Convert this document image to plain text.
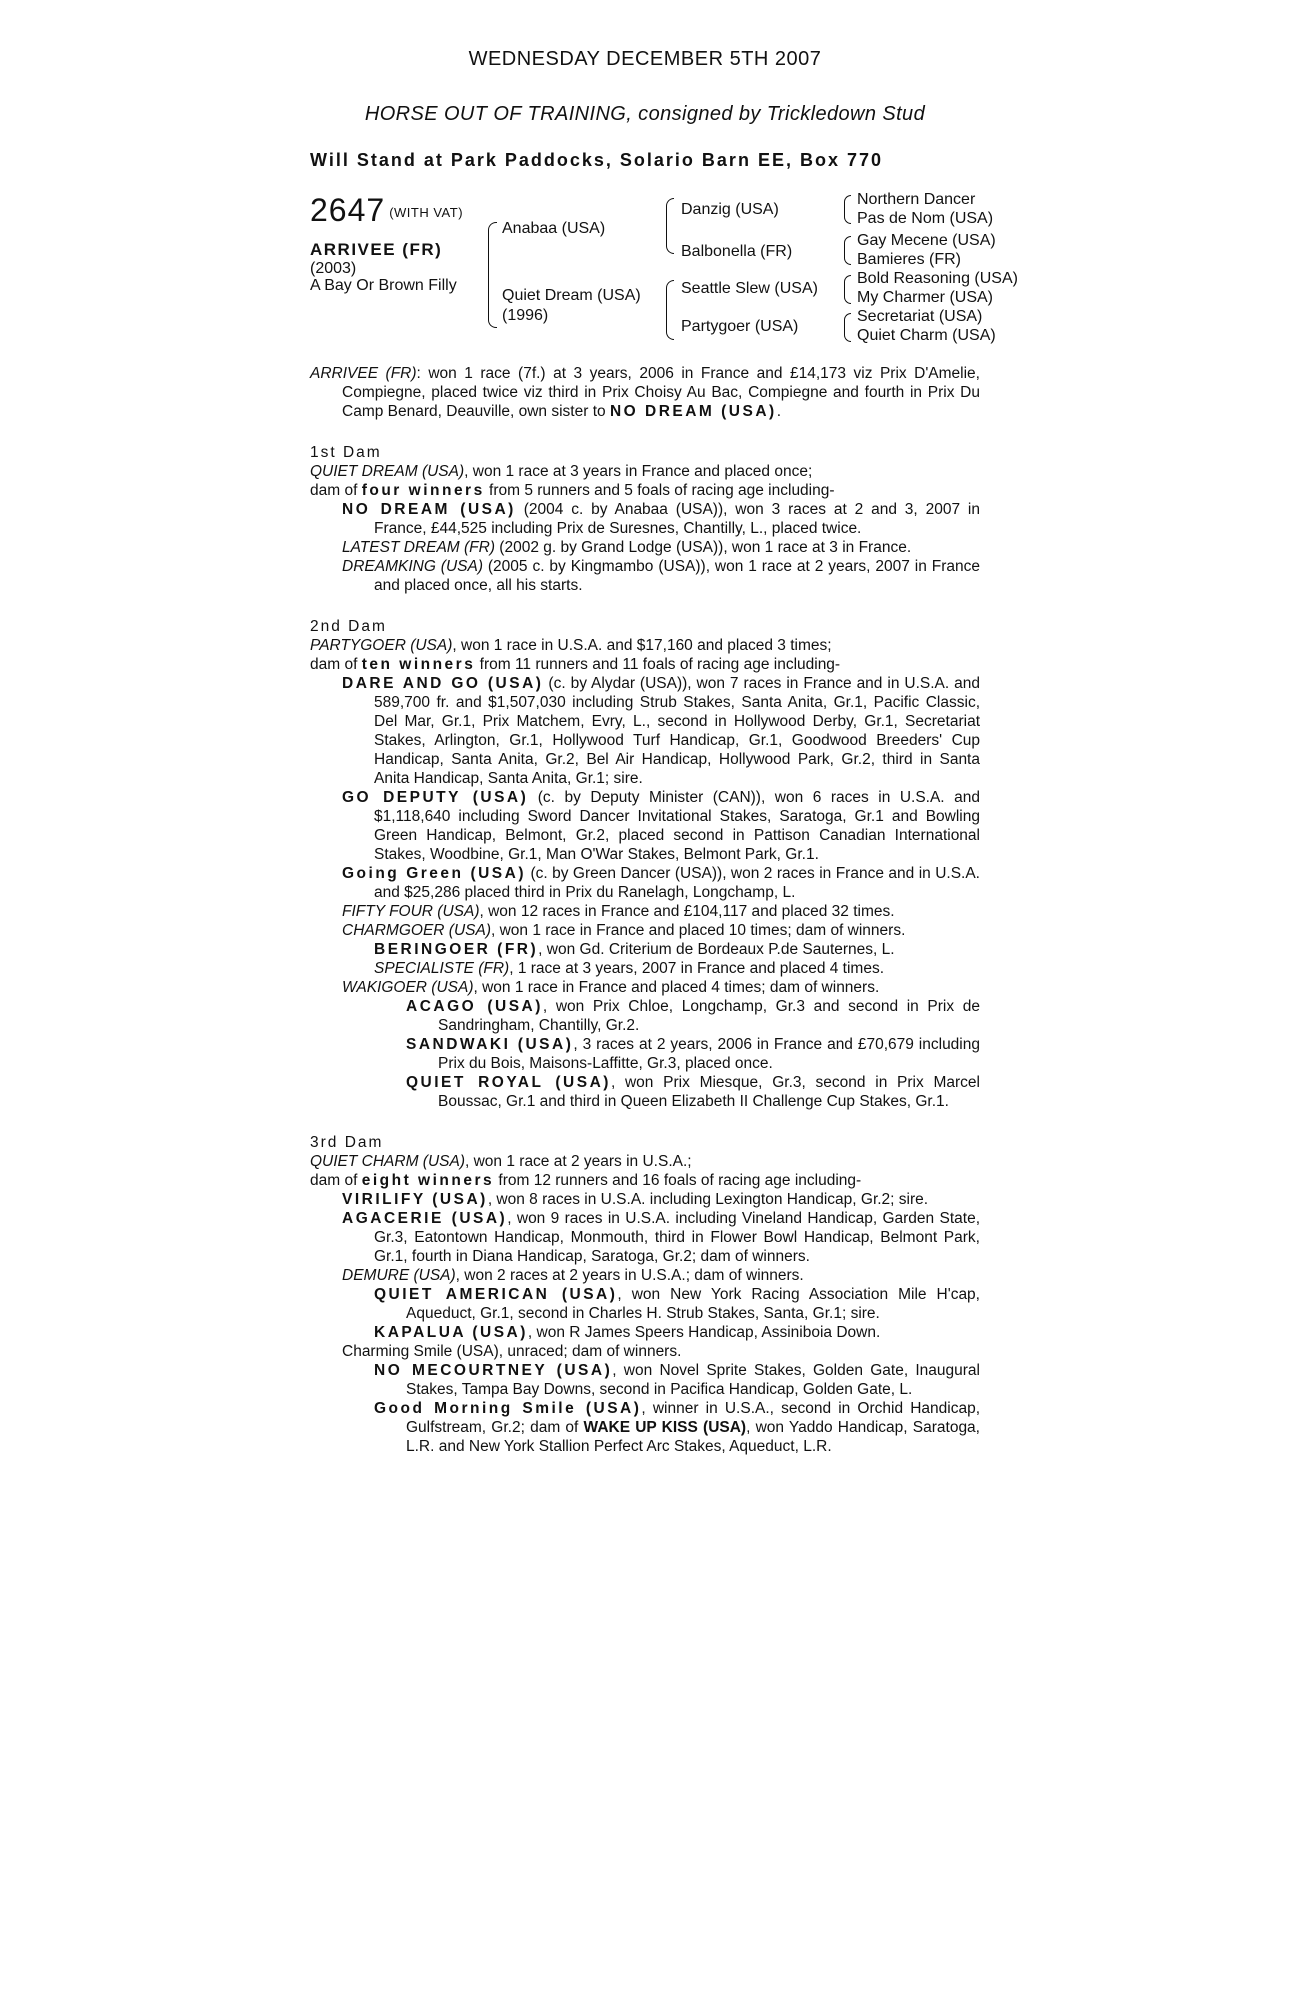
WEDNESDAY DECEMBER 5TH 2007
HORSE OUT OF TRAINING, consigned by Trickledown Stud
Will Stand at Park Paddocks, Solario Barn EE, Box 770
2647 (WITH VAT)
ARRIVEE (FR)
(2003)
A Bay Or Brown Filly
Anabaa (USA)
Quiet Dream (USA)
(1996)
Danzig (USA)
Balbonella (FR)
Seattle Slew (USA)
Partygoer (USA)
Northern Dancer
Pas de Nom (USA)
Gay Mecene (USA)
Bamieres (FR)
Bold Reasoning (USA)
My Charmer (USA)
Secretariat (USA)
Quiet Charm (USA)

ARRIVEE (FR): won 1 race (7f.) at 3 years, 2006 in France and £14,173 viz Prix D'Amelie, Compiegne, placed twice viz third in Prix Choisy Au Bac, Compiegne and fourth in Prix Du Camp Benard, Deauville, own sister to NO DREAM (USA).

1st Dam

QUIET DREAM (USA), won 1 race at 3 years in France and placed once;

dam of four winners from 5 runners and 5 foals of racing age including-

NO DREAM (USA) (2004 c. by Anabaa (USA)), won 3 races at 2 and 3, 2007 in France, £44,525 including Prix de Suresnes, Chantilly, L., placed twice.

LATEST DREAM (FR) (2002 g. by Grand Lodge (USA)), won 1 race at 3 in France.

DREAMKING (USA) (2005 c. by Kingmambo (USA)), won 1 race at 2 years, 2007 in France and placed once, all his starts.

2nd Dam

PARTYGOER (USA), won 1 race in U.S.A. and $17,160 and placed 3 times;

dam of ten winners from 11 runners and 11 foals of racing age including-

DARE AND GO (USA) (c. by Alydar (USA)), won 7 races in France and in U.S.A. and 589,700 fr. and $1,507,030 including Strub Stakes, Santa Anita, Gr.1, Pacific Classic, Del Mar, Gr.1, Prix Matchem, Evry, L., second in Hollywood Derby, Gr.1, Secretariat Stakes, Arlington, Gr.1, Hollywood Turf Handicap, Gr.1, Goodwood Breeders' Cup Handicap, Santa Anita, Gr.2, Bel Air Handicap, Hollywood Park, Gr.2, third in Santa Anita Handicap, Santa Anita, Gr.1; sire.

GO DEPUTY (USA) (c. by Deputy Minister (CAN)), won 6 races in U.S.A. and $1,118,640 including Sword Dancer Invitational Stakes, Saratoga, Gr.1 and Bowling Green Handicap, Belmont, Gr.2, placed second in Pattison Canadian International Stakes, Woodbine, Gr.1, Man O'War Stakes, Belmont Park, Gr.1.

Going Green (USA) (c. by Green Dancer (USA)), won 2 races in France and in U.S.A. and $25,286 placed third in Prix du Ranelagh, Longchamp, L.

FIFTY FOUR (USA), won 12 races in France and £104,117 and placed 32 times.

CHARMGOER (USA), won 1 race in France and placed 10 times; dam of winners.

BERINGOER (FR), won Gd. Criterium de Bordeaux P.de Sauternes, L.

SPECIALISTE (FR), 1 race at 3 years, 2007 in France and placed 4 times.

WAKIGOER (USA), won 1 race in France and placed 4 times; dam of winners.

ACAGO (USA), won Prix Chloe, Longchamp, Gr.3 and second in Prix de Sandringham, Chantilly, Gr.2.

SANDWAKI (USA), 3 races at 2 years, 2006 in France and £70,679 including Prix du Bois, Maisons-Laffitte, Gr.3, placed once.

QUIET ROYAL (USA), won Prix Miesque, Gr.3, second in Prix Marcel Boussac, Gr.1 and third in Queen Elizabeth II Challenge Cup Stakes, Gr.1.

3rd Dam

QUIET CHARM (USA), won 1 race at 2 years in U.S.A.;

dam of eight winners from 12 runners and 16 foals of racing age including-

VIRILIFY (USA), won 8 races in U.S.A. including Lexington Handicap, Gr.2; sire.

AGACERIE (USA), won 9 races in U.S.A. including Vineland Handicap, Garden State, Gr.3, Eatontown Handicap, Monmouth, third in Flower Bowl Handicap, Belmont Park, Gr.1, fourth in Diana Handicap, Saratoga, Gr.2; dam of winners.

DEMURE (USA), won 2 races at 2 years in U.S.A.; dam of winners.

QUIET AMERICAN (USA), won New York Racing Association Mile H'cap, Aqueduct, Gr.1, second in Charles H. Strub Stakes, Santa, Gr.1; sire.

KAPALUA (USA), won R James Speers Handicap, Assiniboia Down.

Charming Smile (USA), unraced; dam of winners.

NO MECOURTNEY (USA), won Novel Sprite Stakes, Golden Gate, Inaugural Stakes, Tampa Bay Downs, second in Pacifica Handicap, Golden Gate, L.

Good Morning Smile (USA), winner in U.S.A., second in Orchid Handicap, Gulfstream, Gr.2; dam of WAKE UP KISS (USA), won Yaddo Handicap, Saratoga, L.R. and New York Stallion Perfect Arc Stakes, Aqueduct, L.R.
